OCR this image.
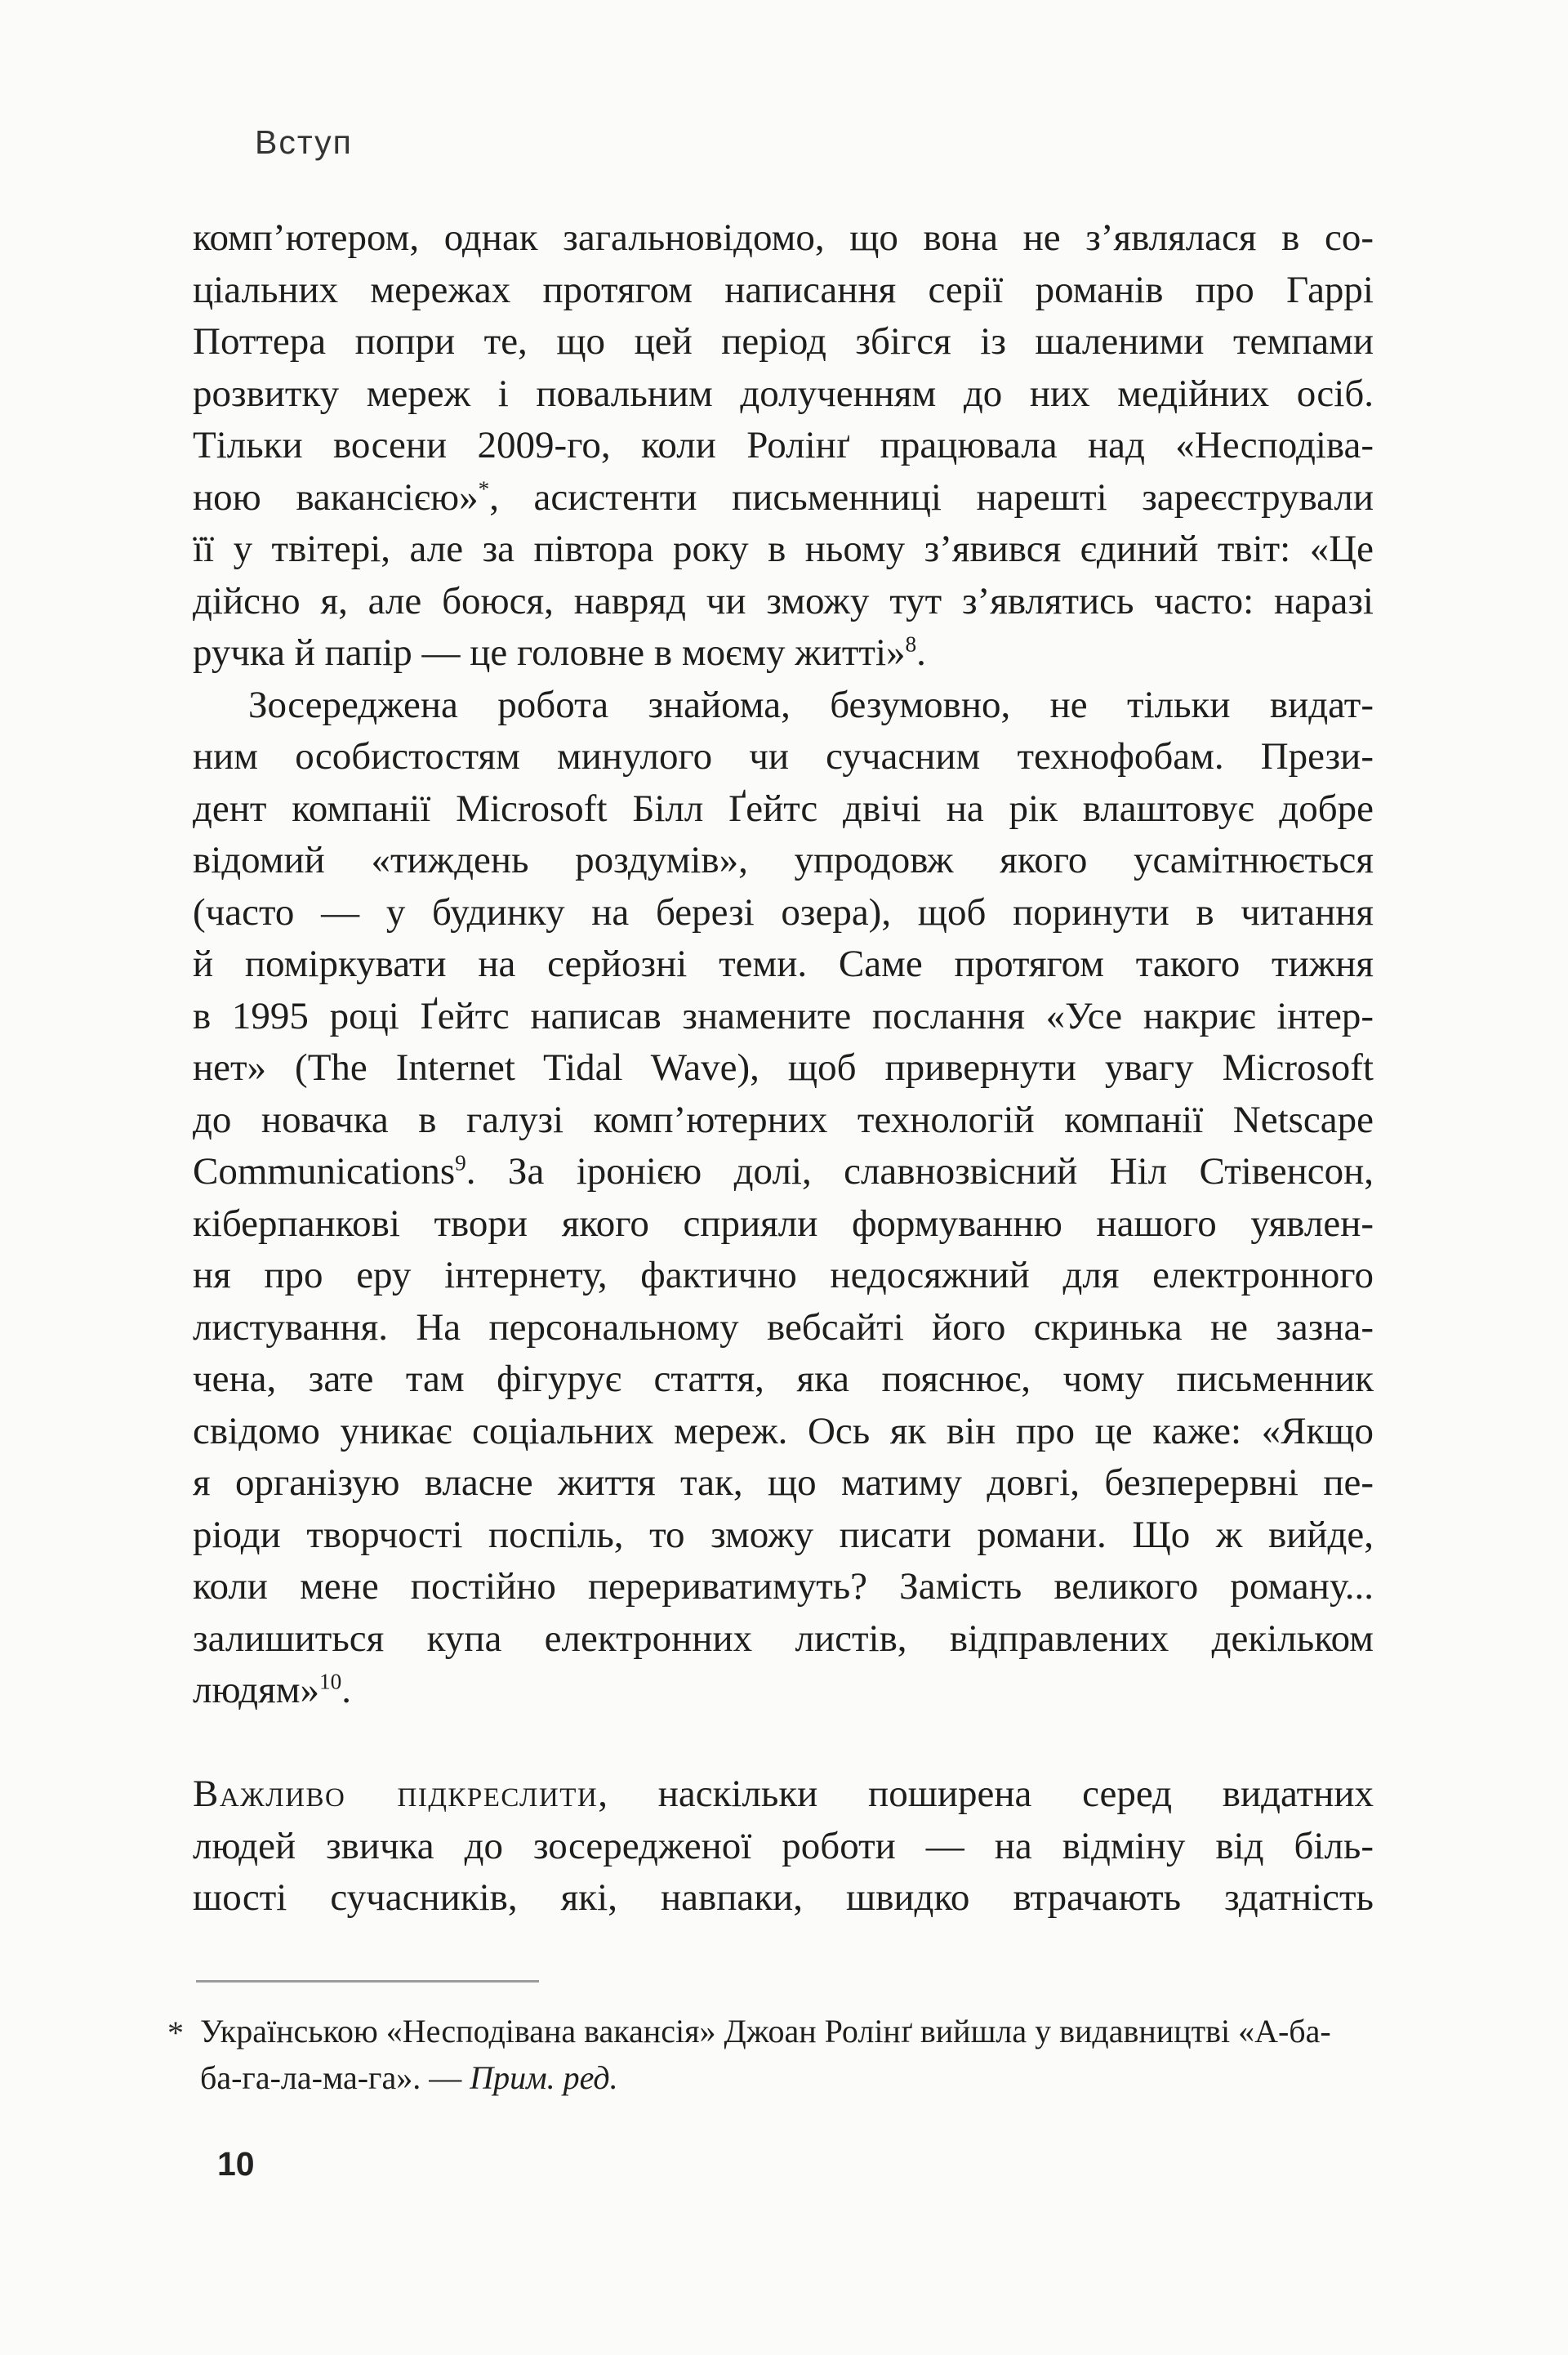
Вступ
комп’ютером, однак загальновідомо, що вона не з’являлася в со-
ціальних мережах протягом написання серії романів про Гаррі
Поттера попри те, що цей період збігся із шаленими темпами
розвитку мереж і повальним долученням до них медійних осіб.
Тільки восени 2009-го, коли Ролінґ працювала над «Несподіва-
ною вакансією»*, асистенти письменниці нарешті зареєстрували
її у твітері, але за півтора року в ньому з’явився єдиний твіт: «Це
дійсно я, але боюся, навряд чи зможу тут з’являтись часто: наразі
ручка й папір — це головне в моєму житті»$^8$.
Зосереджена робота знайома, безумовно, не тільки видат-
ним особистостям минулого чи сучасним технофобам. Прези-
дент компанії Microsoft Білл Ґейтс двічі на рік влаштовує добре
відомий «тиждень роздумів», упродовж якого усамітнюється
(часто — у будинку на березі озера), щоб поринути в читання
й поміркувати на серйозні теми. Саме протягом такого тижня
в 1995 році Ґейтс написав знамените послання «Усе накриє інтер-
нет» (The Internet Tidal Wave), щоб привернути увагу Microsoft
до новачка в галузі комп’ютерних технологій компанії Netscape
Communications$^9$. За іронією долі, славнозвісний Ніл Стівенсон,
кіберпанкові твори якого сприяли формуванню нашого уявлен-
ня про еру інтернету, фактично недосяжний для електронного
листування. На персональному вебсайті його скринька не зазна-
чена, зате там фігурує стаття, яка пояснює, чому письменник
свідомо уникає соціальних мереж. Ось як він про це каже: «Якщо
я організую власне життя так, що матиму довгі, безперервні пе-
ріоди творчості поспіль, то зможу писати романи. Що ж вийде,
коли мене постійно перериватимуть? Замість великого роману...
залишиться купа електронних листів, відправлених декільком
людям»$^{10}$.
Важливо підкреслити, наскільки поширена серед видатних
людей звичка до зосередженої роботи — на відміну від біль-
шості сучасників, які, навпаки, швидко втрачають здатність
* Українською «Несподівана вакансія» Джоан Ролінґ вийшла у видавництві «А-ба-
ба-га-ла-ма-га». — Прим. ред.
10
